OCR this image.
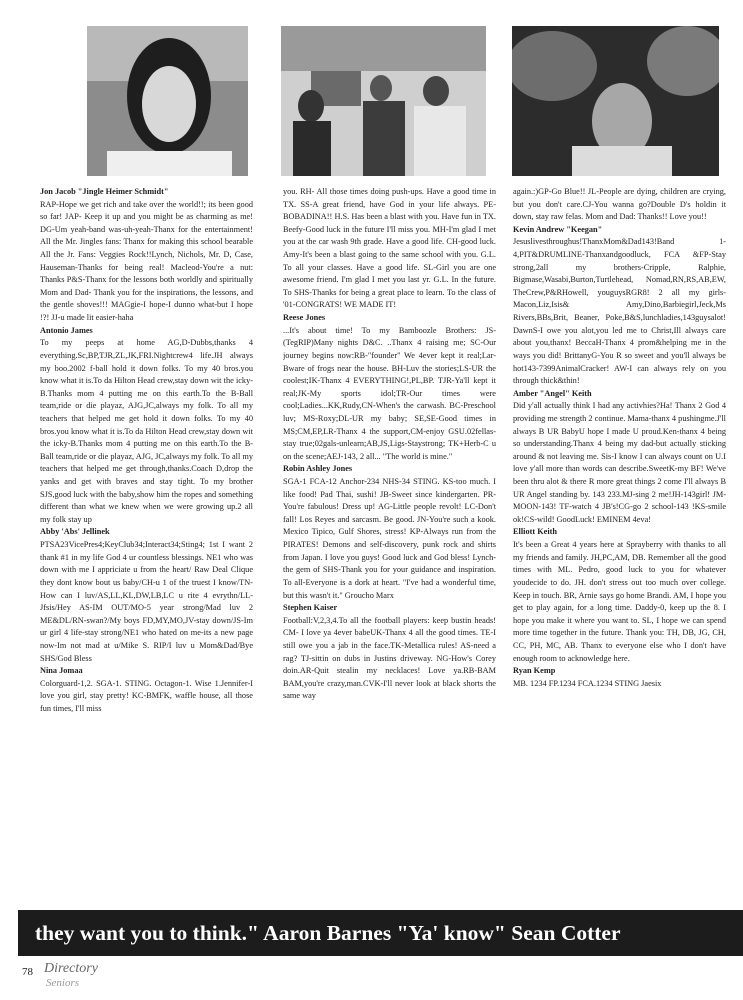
Jon Jacob "Jingle Heimer Schmidt"
RAP-Hope we get rich and take over the world!!; its been good so far! JAP- Keep it up and you might be as charming as me! DG-Um yeah-band was-uh-yeah-Thanx for the entertainment! All the Mr. Jingles fans: Thanx for making this school bearable All the Jr. Fans: Veggies Rock!!Lynch, Nichols, Mr. D, Case, Hauseman-Thanks for being real! Macleod-You're a nut: Thanks P&S-Thanx for the lessons both worldly and spiritually Mom and Dad- Thank you for the inspirations, the lessons, and the gentle shoves!!! MAGgie-I hope-I dunno what-but I hope !?! JJ-u made lit easier-haha

Antonio James
To my peeps at home AG,D-Dubbs,thanks 4 everything.Sc,BP,TJR,ZL,JK,FRI.Nightcrew4 life.JH always my boo.2002 f-ball hold it down folks. To my 40 bros.you know what it is.To da Hilton Head crew,stay down wit the icky-B.Thanks mom 4 putting me on this earth.To the B-Ball team,ride or die playaz, AJG,JC,always my folk. To all my teachers that helped me get hold it down folks. To my 40 bros.you know what it is.To da Hilton Head crew,stay down wit the icky-B.Thanks mom 4 putting me on this earth.To the B-Ball team,ride or die playaz, AJG, JC,always my folk. To all my teachers that helped me get through,thanks.Coach D,drop the yanks and get with braves and stay tight. To my brother SJS,good luck with the baby,show him the ropes and something different than what we knew when we were growing up.2 all my folk stay up

Abby 'Abs' Jellinek
PTSA23VicePres4;KeyClub34;Interact34;Sting4; 1st I want 2 thank #1 in my life God 4 ur countless blessings. NE1 who was down with me I appriciate u from the heart/ Raw Deal Clique they dont know bout us baby/CH-u 1 of the truest I know/TN-How can I luv/AS,LL,KL,DW,LB,LC u rite 4 evrythn/LL-Jfsis/Hey AS-IM OUT/MO-5 year strong/Mad luv 2 ME&DL/RN-swan?/My boys FD,MY,MO,JV-stay down/JS-Im ur girl 4 life-stay strong/NE1 who hated on me-its a new page now-Im not mad at u/Mike S. RIP/I luv u Mom&Dad/Bye SHS/God Bless

Nina Jomaa
Colorguard-1,2. SGA-1. STING. Octagon-1. Wise 1.Jennifer-I love you girl, stay pretty! KC-BMFK, waffle house, all those fun times, I'll miss

you. RH- All those times doing push-ups. Have a good time in TX. SS-A great friend, have God in your life always. PE-BOBADINA!! H.S. Has been a blast with you. Have fun in TX. Beefy-Good luck in the future I'll miss you. MH-I'm glad I met you at the car wash 9th grade. Have a good life. CH-good luck. Amy-It's been a blast going to the same school with you. G.L. To all your classes. Have a good life. SL-Girl you are one awesome friend. I'm glad I met you last yr. G.L. In the future. To SHS-Thanks for being a great place to learn. To the class of '01-CONGRATS! WE MADE IT!

Reese Jones
...It's about time! To my Bamboozle Brothers: JS-(TegRIP)Many nights D&C. ..Thanx 4 raising me; SC-Our journey begins now:RB-"founder" We 4ever kept it real;Lar-Bware of frogs near the house. BH-Luv the stories;LS-UR the coolest;IK-Thanx 4 EVERYTHING!,PL,BP. TJR-Ya'll kept it real;JK-My sports idol;TR-Our times were cool;Ladies...KK,Rudy,CN-When's the carwash. BC-Preschool luv; MS-Roxy;DL-UR my baby; SE,SE-Good times in MS;CM,EP,LR-Thanx 4 the support,CM-enjoy GSU.02fellas-stay true;02gals-unlearn;AB,JS,Ligs-Staystrong; TK+Herb-C u on the scene;AEJ-143, 2 all... "The world is mine."

Robin Ashley Jones
SGA-1 FCA-12 Anchor-234 NHS-34 STING. KS-too much. I like food! Pad Thai, sushi! JB-Sweet since kindergarten. PR-You're fabulous! Dress up! AG-Little people revolt! LC-Don't fall! Los Reyes and sarcasm. Be good. JN-You're such a kook. Mexico Tipico, Gulf Shores, stress! KP-Always run from the PIRATES! Demons and self-discovery, punk rock and shirts from Japan. I love you guys! Good luck and God bless! Lynch-the gem of SHS-Thank you for your guidance and inspiration. To all-Everyone is a dork at heart. "I've had a wonderful time, but this wasn't it." Groucho Marx

Stephen Kaiser
Football:V,2,3,4.To all the football players: keep bustin heads! CM- I love ya 4ever babeUK-Thanx 4 all the good times. TE-I still owe you a jab in the face.TK-Metallica rules! AS-need a rag? TJ-sittin on dubs in Justins driveway. NG-How's Corey doin.AR-Quit stealin my necklaces! Love ya.RB-BAM BAM,you're crazy,man.CVK-I'll never look at black shorts the same way

again.:)GP-Go Blue!! JL-People are dying, children are crying, but you don't care.CJ-You wanna go?Double D's holdin it down, stay raw felas. Mom and Dad: Thanks!! Love you!!

Kevin Andrew "Keegan"
Jesuslivesthroughus!ThanxMom&Dad143!Band 1-4,PIT&DRUMLINE-Thanxandgoodluck, FCA &FP-Stay strong,2all my brothers-Cripple, Ralphie, Bigmase,Wasabi,Burton,Turtlehead, Nomad,RN,RS,AB,EW, TheCrew,P&RHowell, youguysRGR8! 2 all my girls-Macon,Liz,Isis& Amy,Dino,Barbiegirl,Jeck,Ms Rivers,BBs,Brit, Beaner, Poke,B&S,lunchladies,143guysalot! DawnS-I owe you alot,you led me to Christ,Ill always care about you,thanx! BeccaH-Thanx 4 prom&helping me in the ways you did! BrittanyG-You R so sweet and you'll always be hot143-7399AnimalCracker! AW-I can always rely on you through thick&thin!

Amber "Angel" Keith
Did y'all actually think I had any activhies?Ha! Thanx 2 God 4 providing me strength 2 continue. Mama-thanx 4 pushingme.J'll always B UR BabyU hope I made U proud.Ken-thanx 4 being so understanding.Thanx 4 being my dad-but actually sticking around & not leaving me. Sis-I know I can always count on U.I love y'all more than words can describe.SweetK-my BF! We've been thru alot & there R more great things 2 come I'll always B UR Angel standing by. 143 233.MJ-sing 2 me!JH-143girl! JM-MOON-143! TF-watch 4 JB's!CG-go 2 school-143 !KS-smile ok!CS-wild! GoodLuck! EMINEM 4eva!

Elliott Keith
It's been a Great 4 years here at Sprayberry with thanks to all my friends and family. JH,PC,AM, DB. Remember all the good times with ML. Pedro, good luck to you for whatever youdecide to do. JH. don't stress out too much over college. Keep in touch. BR, Arnie says go home Brandi. AM, I hope you get to play again, for a long time. Daddy-0, keep up the 8. I hope you make it where you want to. SL, I hope we can spend more time together in the future. Thank you: TH, DB, JG, CH, CC, PH, MC, AB. Thanx to everyone else who I don't have enough room to acknowledge here.

Ryan Kemp
MB. 1234 FP.1234 FCA.1234 STING Jaesix

they want you to think." Aaron Barnes "Ya' know" Sean Cotter
78 Directory
Seniors
